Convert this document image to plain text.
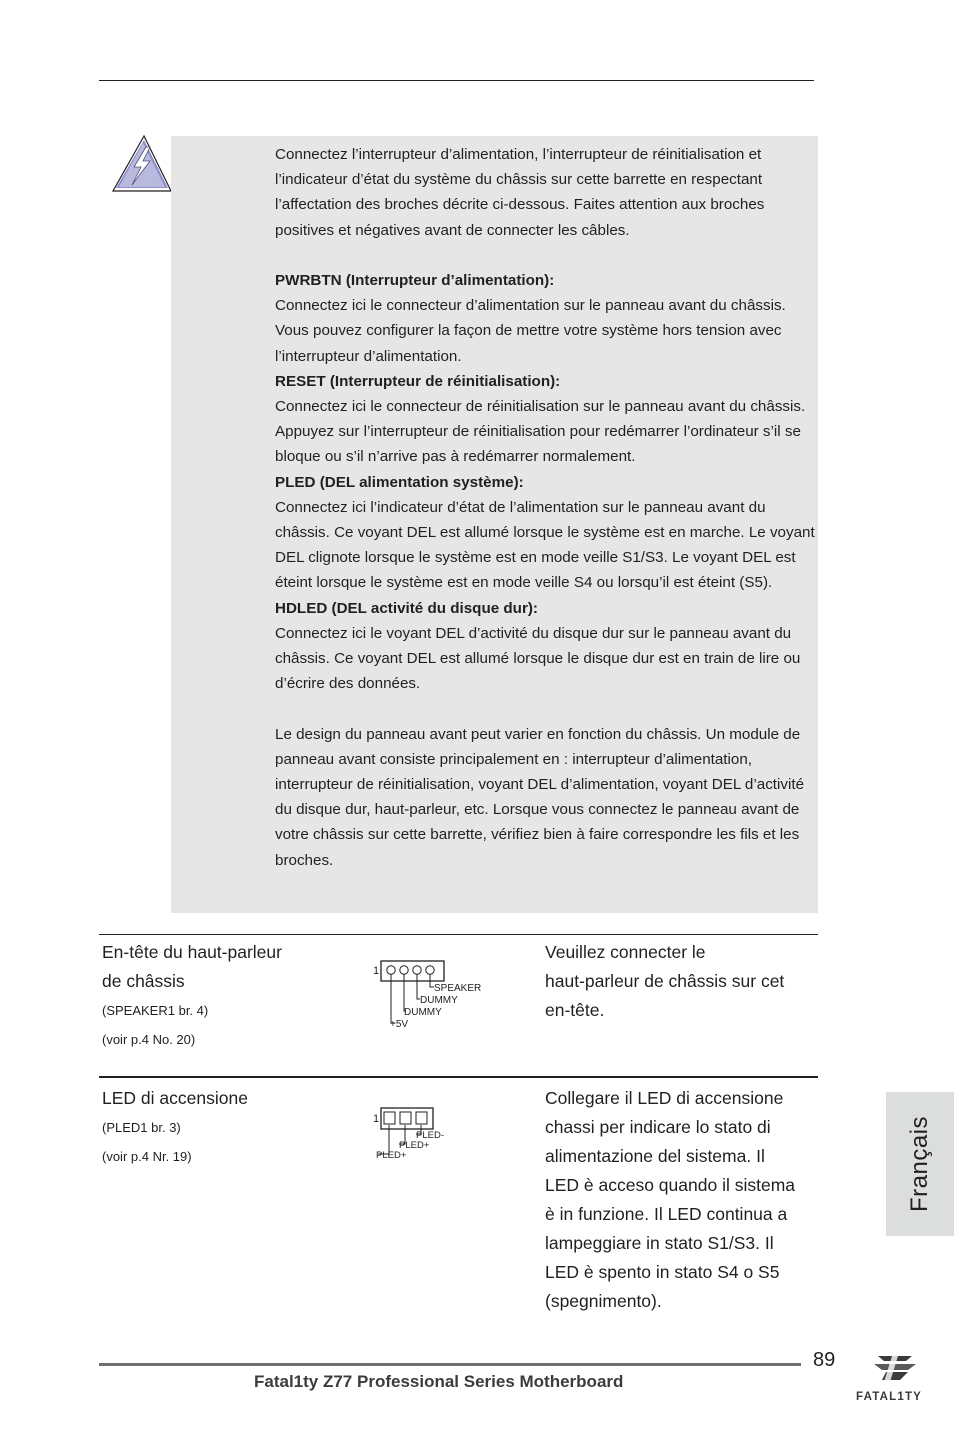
Connectez l’interrupteur d’alimentation, l’interrupteur de réinitialisation et l’indicateur d’état du système du châssis sur cette barrette en respectant l’affectation des broches décrite ci-dessous. Faites attention aux broches positives et négatives avant de connecter les câbles.

PWRBTN (Interrupteur d’alimentation):

Connectez ici le connecteur d’alimentation sur le panneau avant du châssis. Vous pouvez configurer la façon de mettre votre système hors tension avec l’interrupteur d’alimentation.

RESET (Interrupteur de réinitialisation):

Connectez ici le connecteur de réinitialisation sur le panneau avant du châssis. Appuyez sur l’interrupteur de réinitialisation pour redémarrer l’ordinateur s’il se bloque ou s’il n’arrive pas à redémarrer normalement.

PLED (DEL alimentation système):

Connectez ici l’indicateur d’état de l’alimentation sur le panneau avant du châssis. Ce voyant DEL est allumé lorsque le système est en marche. Le voyant DEL clignote lorsque le système est en mode veille S1/S3. Le voyant DEL est éteint lorsque le système est en mode veille S4 ou lorsqu’il est éteint (S5).

HDLED (DEL activité du disque dur):

Connectez ici le voyant DEL d’activité du disque dur sur le panneau avant du châssis. Ce voyant DEL est allumé lorsque le disque dur est en train de lire ou d’écrire des données.

Le design du panneau avant peut varier en fonction du châssis. Un module de panneau avant consiste principalement en : interrupteur d’alimentation, interrupteur de réinitialisation, voyant DEL d’alimentation, voyant DEL d’activité du disque dur, haut-parleur, etc. Lorsque vous connectez le panneau avant de votre châssis sur cette barrette, vérifiez bien à faire correspondre les fils et les broches.

En-tête du haut-parleur
de châssis
(SPEAKER1 br. 4)
(voir p.4 No. 20)
1
SPEAKER
DUMMY
DUMMY
+5V
Veuillez connecter le
haut-parleur de châssis sur cet
en-tête.
LED di accensione
(PLED1 br. 3)
(voir p.4 Nr. 19)
1
PLED-
PLED+
PLED+
Collegare il LED di accensione
chassi per indicare lo stato di
alimentazione del sistema. Il
LED è acceso quando il sistema
è in funzione. Il LED continua a
lampeggiare in stato S1/S3. Il
LED è spento in stato S4 o S5
(spegnimento).
Français
89
Fatal1ty Z77 Professional Series Motherboard
FATAL1TY
